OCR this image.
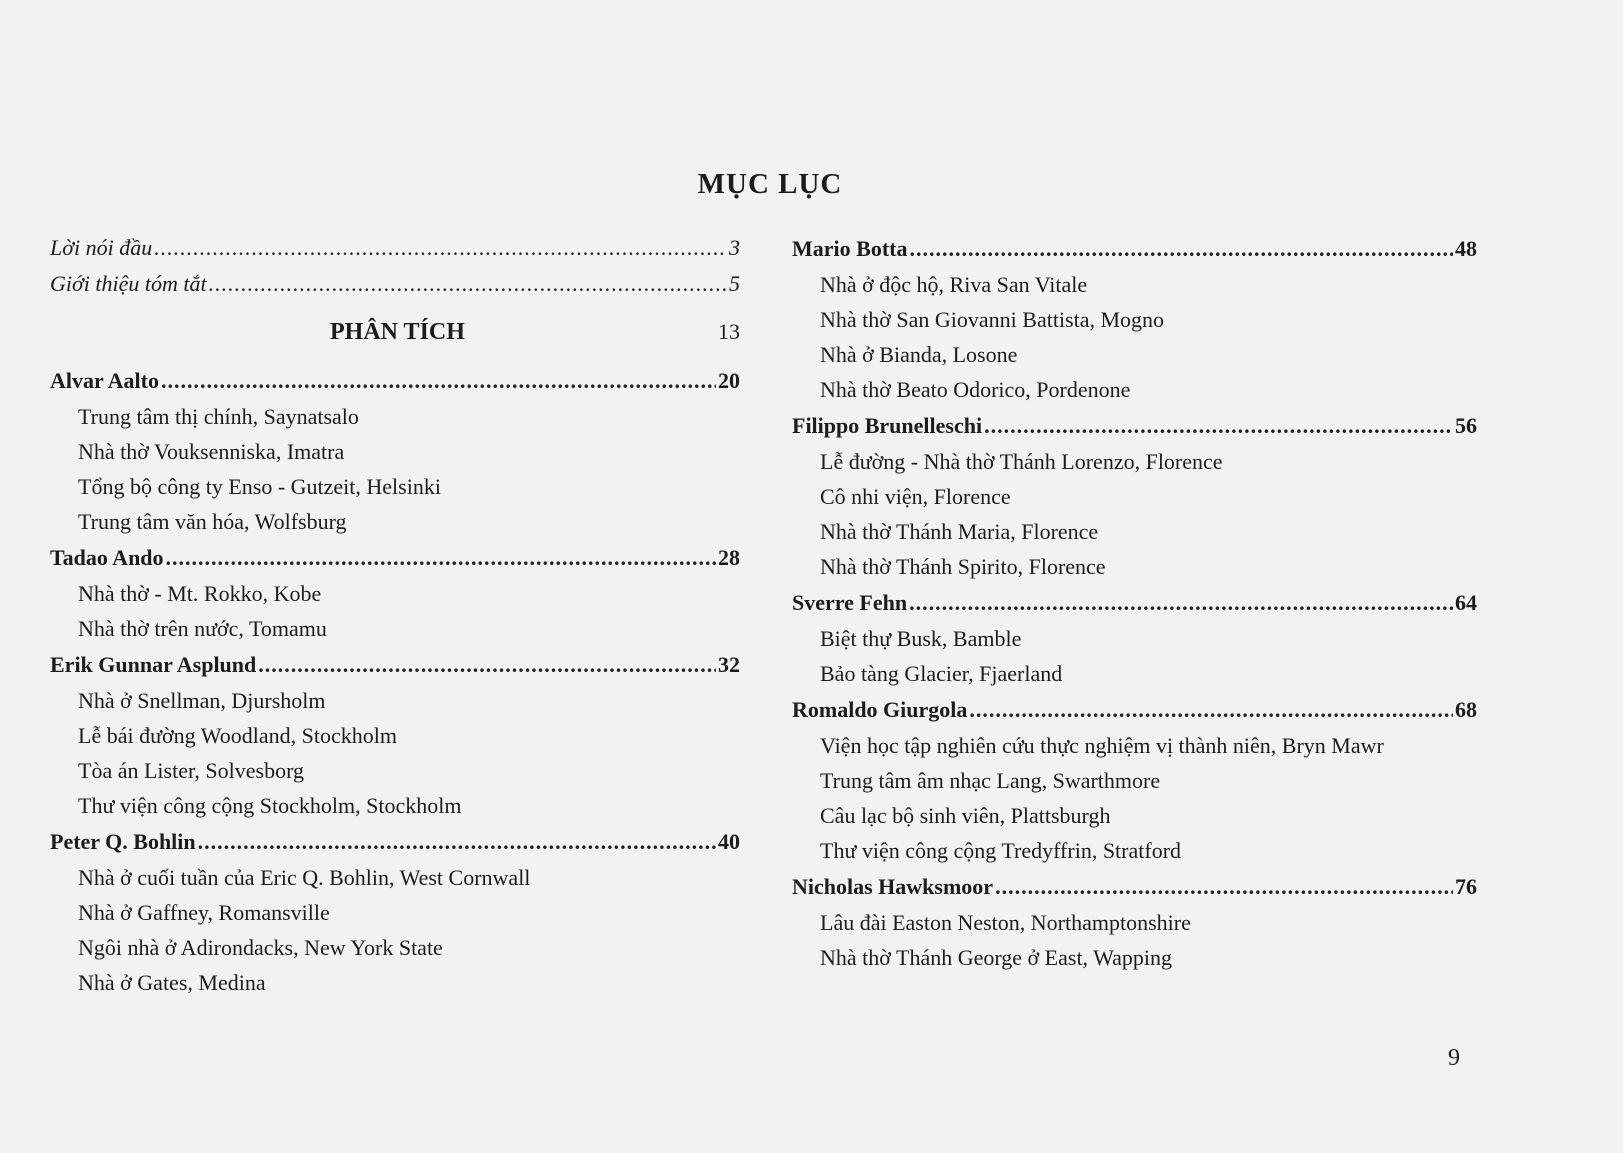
MỤC LỤC
Lời nói đầu .....	3
Giới thiệu tóm tắt .....	5
PHÂN TÍCH	13
Alvar Aalto .....	20
Trung tâm thị chính, Saynatsalo
Nhà thờ Vouksenniska, Imatra
Tổng bộ công ty Enso - Gutzeit, Helsinki
Trung tâm văn hóa, Wolfsburg
Tadao Ando .....	28
Nhà thờ - Mt. Rokko, Kobe
Nhà thờ trên nước, Tomamu
Erik Gunnar Asplund .....	32
Nhà ở Snellman, Djursholm
Lễ bái đường Woodland, Stockholm
Tòa án Lister, Solvesborg
Thư viện công cộng Stockholm, Stockholm
Peter Q. Bohlin .....	40
Nhà ở cuối tuần của Eric Q. Bohlin, West Cornwall
Nhà ở Gaffney, Romansville
Ngôi nhà ở Adirondacks, New York State
Nhà ở Gates, Medina
Mario Botta .....	48
Nhà ở độc hộ, Riva San Vitale
Nhà thờ San Giovanni Battista, Mogno
Nhà ở Bianda, Losone
Nhà thờ Beato Odorico, Pordenone
Filippo Brunelleschi .....	56
Lễ đường - Nhà thờ Thánh Lorenzo, Florence
Cô nhi viện, Florence
Nhà thờ Thánh Maria, Florence
Nhà thờ Thánh Spirito, Florence
Sverre Fehn .....	64
Biệt thự Busk, Bamble
Bảo tàng Glacier, Fjaerland
Romaldo Giurgola .....	68
Viện học tập nghiên cứu thực nghiệm vị thành niên, Bryn Mawr
Trung tâm âm nhạc Lang, Swarthmore
Câu lạc bộ sinh viên, Plattsburgh
Thư viện công cộng Tredyffrin, Stratford
Nicholas Hawksmoor .....	76
Lâu đài Easton Neston, Northamptonshire
Nhà thờ Thánh George ở East, Wapping
9
